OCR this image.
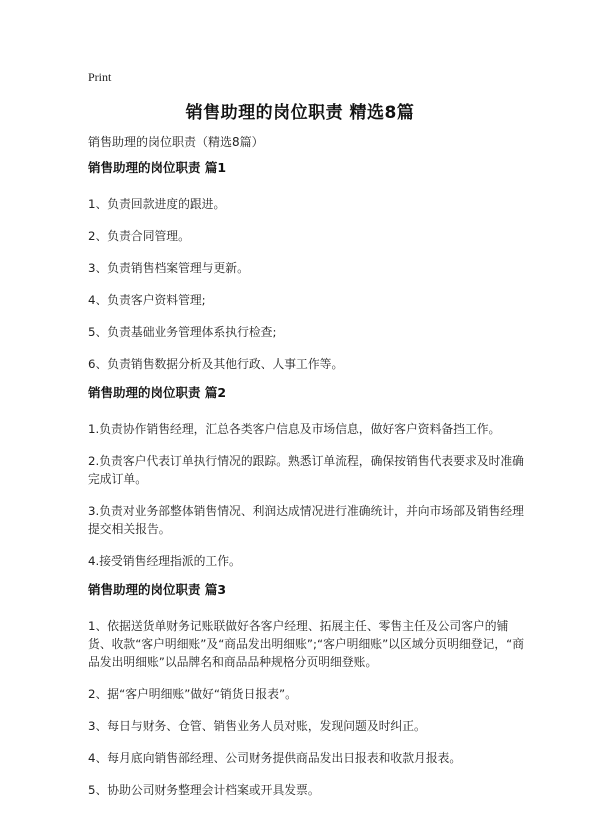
Print
销售助理的岗位职责 精选8篇
销售助理的岗位职责（精选8篇）
销售助理的岗位职责 篇1
1、负责回款进度的跟进。
2、负责合同管理。
3、负责销售档案管理与更新。
4、负责客户资料管理;
5、负责基础业务管理体系执行检查;
6、负责销售数据分析及其他行政、人事工作等。
销售助理的岗位职责 篇2
1.负责协作销售经理，汇总各类客户信息及市场信息，做好客户资料备挡工作。
2.负责客户代表订单执行情况的跟踪。熟悉订单流程，确保按销售代表要求及时准确完成订单。
3.负责对业务部整体销售情况、利润达成情况进行准确统计，并向市场部及销售经理提交相关报告。
4.接受销售经理指派的工作。
销售助理的岗位职责 篇3
1、依据送货单财务记账联做好各客户经理、拓展主任、零售主任及公司客户的铺货、收款“客户明细账”及“商品发出明细账”;“客户明细账”以区域分页明细登记，“商品发出明细账”以品牌名和商品品种规格分页明细登账。
2、据“客户明细账”做好“销货日报表”。
3、每日与财务、仓管、销售业务人员对账，发现问题及时纠正。
4、每月底向销售部经理、公司财务提供商品发出日报表和收款月报表。
5、协助公司财务整理会计档案或开具发票。
